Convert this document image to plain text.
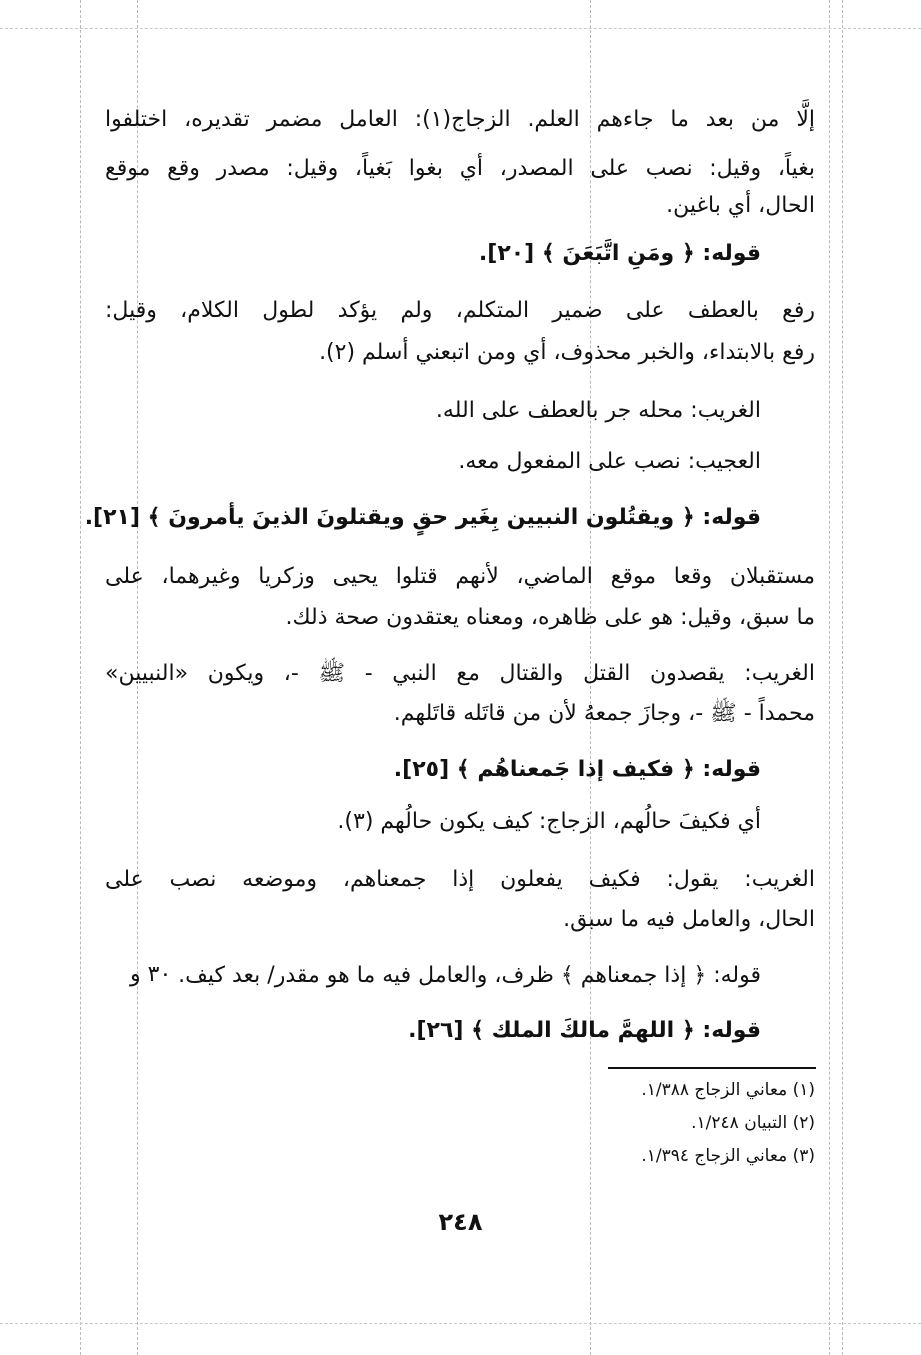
إلَّا من بعد ما جاءهم العلم. الزجاج(١): العامل مضمر تقديره، اختلفوا
بغياً، وقيل: نصب على المصدر، أي بغوا بَغياً، وقيل: مصدر وقع موقع
الحال، أي باغين.
قوله: ﴿ ومَنِ اتَّبَعَنَ ﴾ [٢٠].
رفع بالعطف على ضمير المتكلم، ولم يؤكد لطول الكلام، وقيل:
رفع بالابتداء، والخبر محذوف، أي ومن اتبعني أسلم (٢).
الغريب: محله جر بالعطف على الله.
العجيب: نصب على المفعول معه.
قوله: ﴿ ويقتُلون النبيين بِغَير حقٍ ويقتلونَ الذينَ يأمرونَ ﴾ [٢١].
مستقبلان وقعا موقع الماضي، لأنهم قتلوا يحيى وزكريا وغيرهما، على
ما سبق، وقيل: هو على ظاهره، ومعناه يعتقدون صحة ذلك.
الغريب: يقصدون القتل والقتال مع النبي - ﷺ -، ويكون «النبيين»
محمداً - ﷺ -، وجازَ جمعهُ لأن من قاتَله قاتَلهم.
قوله: ﴿ فكيف إذا جَمعناهُم ﴾ [٢٥].
أي فكيفَ حالُهم، الزجاج: كيف يكون حالُهم (٣).
الغريب: يقول: فكيف يفعلون إذا جمعناهم، وموضعه نصب على
الحال، والعامل فيه ما سبق.
قوله: ﴿ إذا جمعناهم ﴾ ظرف، والعامل فيه ما هو مقدر/ بعد كيف.
٣٠ و
قوله: ﴿ اللهمَّ مالكَ الملك ﴾ [٢٦].
(١) معاني الزجاج ١/٣٨٨.
(٢) التبيان ١/٢٤٨.
(٣) معاني الزجاج ١/٣٩٤.
٢٤٨
